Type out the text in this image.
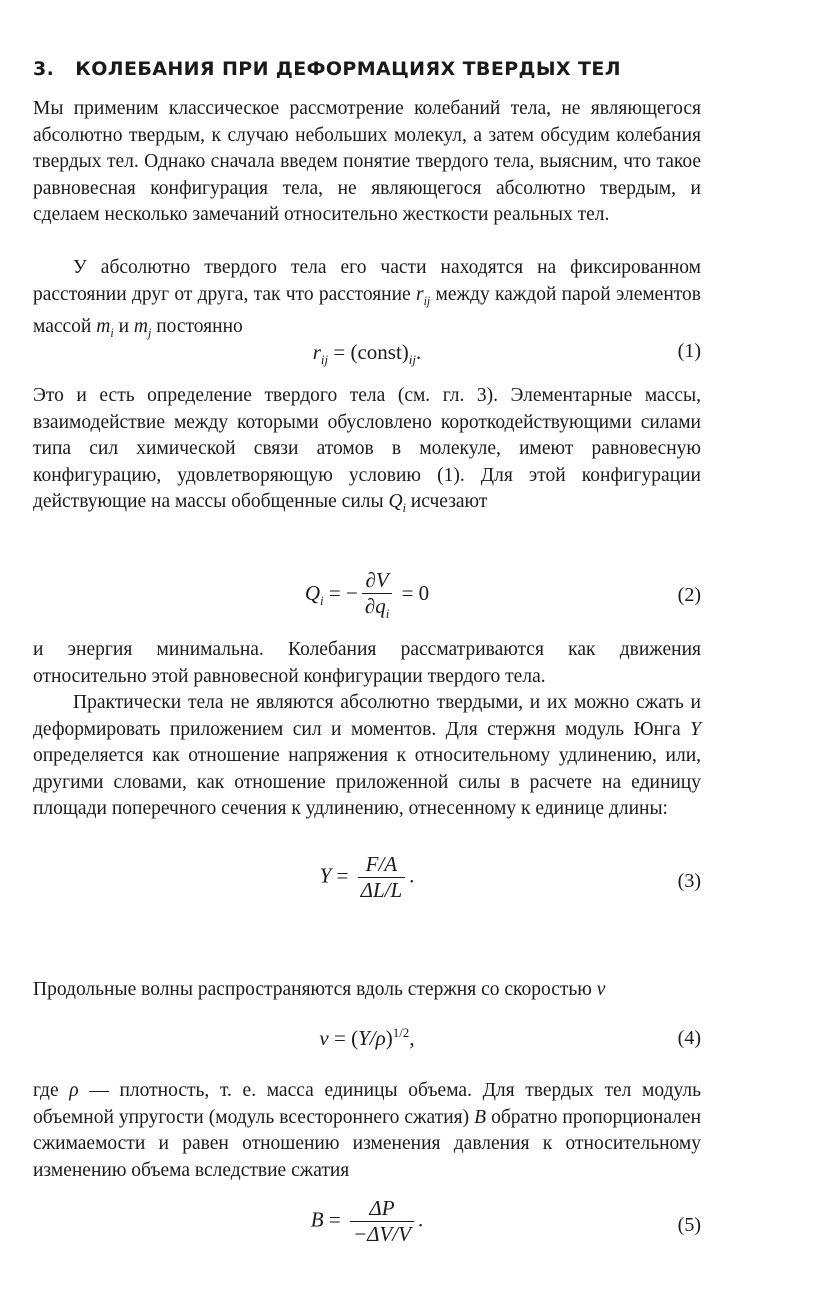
3. КОЛЕБАНИЯ ПРИ ДЕФОРМАЦИЯХ ТВЕРДЫХ ТЕЛ
Мы применим классическое рассмотрение колебаний тела, не являющегося абсолютно твердым, к случаю небольших молекул, а затем обсудим колебания твердых тел. Однако сначала введем понятие твердого тела, выясним, что такое равновесная конфигурация тела, не являющегося абсолютно твердым, и сделаем несколько замечаний относительно жесткости реальных тел.
У абсолютно твердого тела его части находятся на фиксированном расстоянии друг от друга, так что расстояние $r_{ij}$ между каждой парой элементов массой $m_i$ и $m_j$ постоянно
$r_{ij}$ = $(const)_{ij}$.	(1)
Это и есть определение твердого тела (см. гл. 3). Элементарные массы, взаимодействие между которыми обусловлено короткодействующими силами типа сил химической связи атомов в молекуле, имеют равновесную конфигурацию, удовлетворяющую условию (1). Для этой конфигурации действующие на массы обобщенные силы $Q_i$ исчезают
$Q_i$ = − $\frac{\partial V}{\partial q_i} = 0$	(2)
и энергия минимальна. Колебания рассматриваются как движения относительно этой равновесной конфигурации твердого тела.
Практически тела не являются абсолютно твердыми, и их можно сжать и деформировать приложением сил и моментов. Для стержня модуль Юнга Y определяется как отношение напряжения к относительному удлинению, или, другими словами, как отношение приложенной силы в расчете на единицу площади поперечного сечения к удлинению, отнесенному к единице длины:
$Y = \frac{F/A}{\Delta L/L}$ .	(3)
Продольные волны распространяются вдоль стержня со скоростью v
$v = (Y/\rho)^{1/2}$,	(4)
где ρ — плотность, т. е. масса единицы объема. Для твердых тел модуль объемной упругости (модуль всестороннего сжатия) B обратно пропорционален сжимаемости и равен отношению изменения давления к относительному изменению объема вследствие сжатия
$B = \frac{\Delta P}{-\Delta V/V}$ .	(5)
